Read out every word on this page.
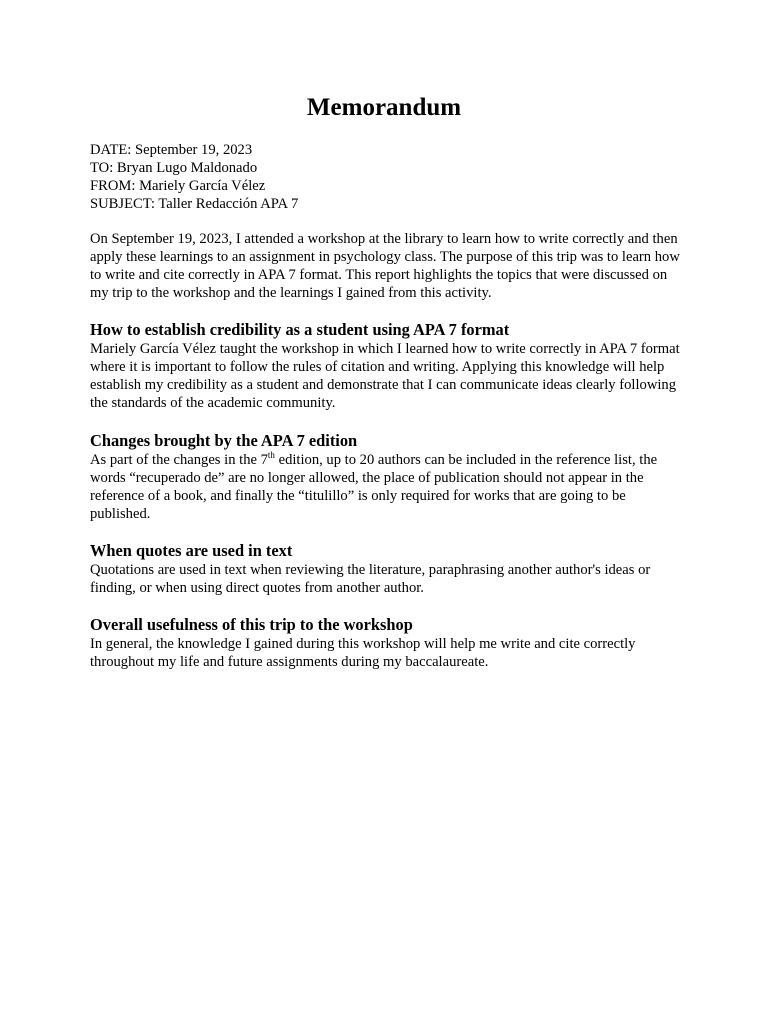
Memorandum
DATE: September 19, 2023
TO: Bryan Lugo Maldonado
FROM: Mariely García Vélez
SUBJECT: Taller Redacción APA 7

On September 19, 2023, I attended a workshop at the library to learn how to write correctly and then apply these learnings to an assignment in psychology class. The purpose of this trip was to learn how to write and cite correctly in APA 7 format. This report highlights the topics that were discussed on my trip to the workshop and the learnings I gained from this activity.

How to establish credibility as a student using APA 7 format

Mariely García Vélez taught the workshop in which I learned how to write correctly in APA 7 format where it is important to follow the rules of citation and writing. Applying this knowledge will help establish my credibility as a student and demonstrate that I can communicate ideas clearly following the standards of the academic community.

Changes brought by the APA 7 edition

As part of the changes in the 7th edition, up to 20 authors can be included in the reference list, the words “recuperado de” are no longer allowed, the place of publication should not appear in the reference of a book, and finally the “titulillo” is only required for works that are going to be published.

When quotes are used in text

Quotations are used in text when reviewing the literature, paraphrasing another author's ideas or finding, or when using direct quotes from another author.

Overall usefulness of this trip to the workshop

In general, the knowledge I gained during this workshop will help me write and cite correctly throughout my life and future assignments during my baccalaureate.
